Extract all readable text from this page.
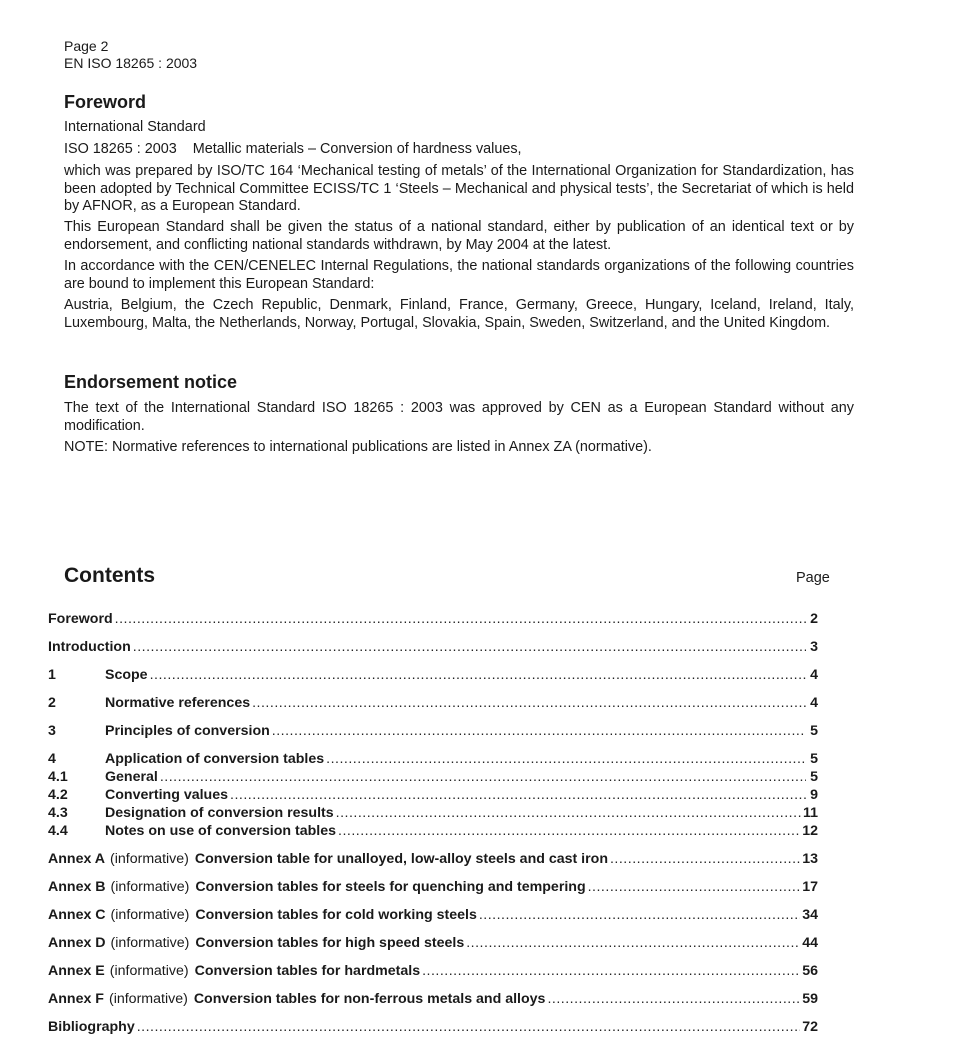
Page 2
EN ISO 18265 : 2003
Foreword

International Standard

ISO 18265 : 2003    Metallic materials – Conversion of hardness values,

which was prepared by ISO/TC 164 ‘Mechanical testing of metals’ of the International Organization for Standardization, has been adopted by Technical Committee ECISS/TC 1 ‘Steels – Mechanical and physical tests’, the Secretariat of which is held by AFNOR, as a European Standard.

This European Standard shall be given the status of a national standard, either by publication of an identical text or by endorsement, and conflicting national standards withdrawn, by May 2004 at the latest.

In accordance with the CEN/CENELEC Internal Regulations, the national standards organizations of the following countries are bound to implement this European Standard:

Austria, Belgium, the Czech Republic, Denmark, Finland, France, Germany, Greece, Hungary, Iceland, Ireland, Italy, Luxembourg, Malta, the Netherlands, Norway, Portugal, Slovakia, Spain, Sweden, Switzerland, and the United Kingdom.

Endorsement notice

The text of the International Standard ISO 18265 : 2003 was approved by CEN as a European Standard without any modification.

NOTE: Normative references to international publications are listed in Annex ZA (normative).

Contents	Page
Foreword .....	2
Introduction .....	3
1	Scope .....	4
2	Normative references .....	4
3	Principles of conversion .....	5
4	Application of conversion tables .....	5
4.1	General .....	5
4.2	Converting values .....	9
4.3	Designation of conversion results .....	11
4.4	Notes on use of conversion tables .....	12
Annex A (informative) Conversion table for unalloyed, low-alloy steels and cast iron .....	13
Annex B (informative) Conversion tables for steels for quenching and tempering .....	17
Annex C (informative) Conversion tables for cold working steels .....	34
Annex D (informative) Conversion tables for high speed steels .....	44
Annex E (informative) Conversion tables for hardmetals .....	56
Annex F (informative) Conversion tables for non-ferrous metals and alloys .....	59
Bibliography .....	72
